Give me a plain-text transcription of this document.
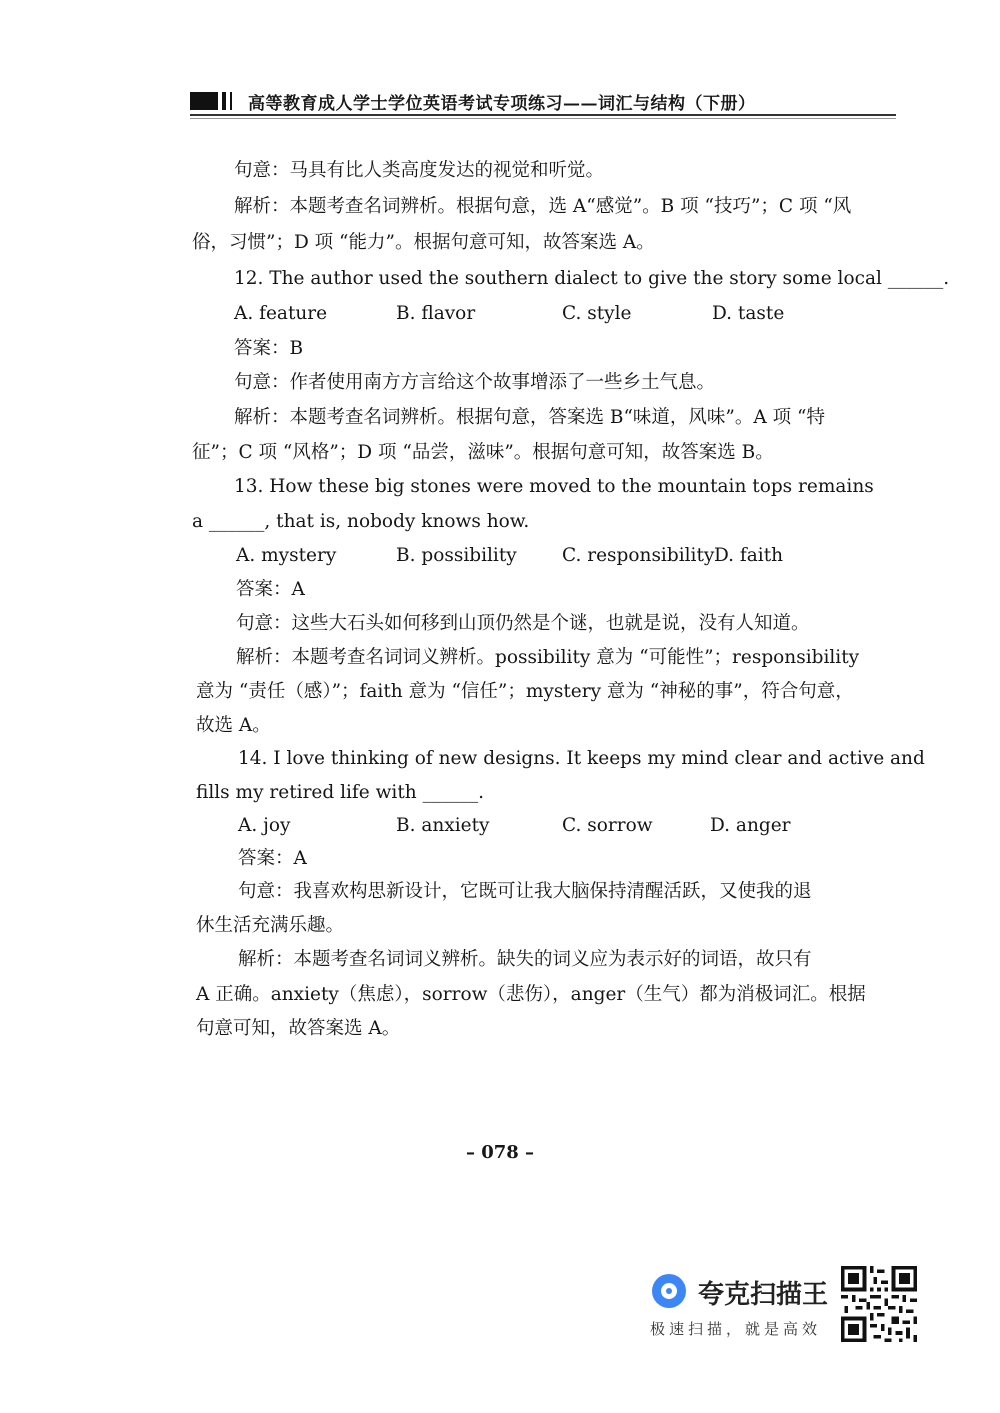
高等教育成人学士学位英语考试专项练习——词汇与结构（下册）
句意：马具有比人类高度发达的视觉和听觉。
解析：本题考查名词辨析。根据句意，选 A“感觉”。B 项 “技巧”；C 项 “风
俗，习惯”；D 项 “能力”。根据句意可知，故答案选 A。
12. The author used the southern dialect to give the story some local ______.
A. feature	B. flavor	C. style	D. taste
答案：B
句意：作者使用南方方言给这个故事增添了一些乡土气息。
解析：本题考查名词辨析。根据句意，答案选 B“味道，风味”。A 项 “特
征”；C 项 “风格”；D 项 “品尝，滋味”。根据句意可知，故答案选 B。
13. How these big stones were moved to the mountain tops remains
a ______, that is, nobody knows how.
A. mystery	B. possibility C. responsibility D. faith
答案：A
句意：这些大石头如何移到山顶仍然是个谜，也就是说，没有人知道。
解析：本题考查名词词义辨析。possibility 意为 “可能性”；responsibility
意为 “责任（感）”；faith 意为 “信任”；mystery 意为 “神秘的事”，符合句意，
故选 A。
14. I love thinking of new designs. It keeps my mind clear and active and
fills my retired life with ______.
A. joy	B. anxiety	C. sorrow	D. anger
答案：A
句意：我喜欢构思新设计，它既可让我大脑保持清醒活跃，又使我的退
休生活充满乐趣。
解析：本题考查名词词义辨析。缺失的词义应为表示好的词语，故只有
A 正确。anxiety（焦虑），sorrow（悲伤），anger（生气）都为消极词汇。根据
句意可知，故答案选 A。
– 078 –
夸克扫描王
极速扫描，就是高效
